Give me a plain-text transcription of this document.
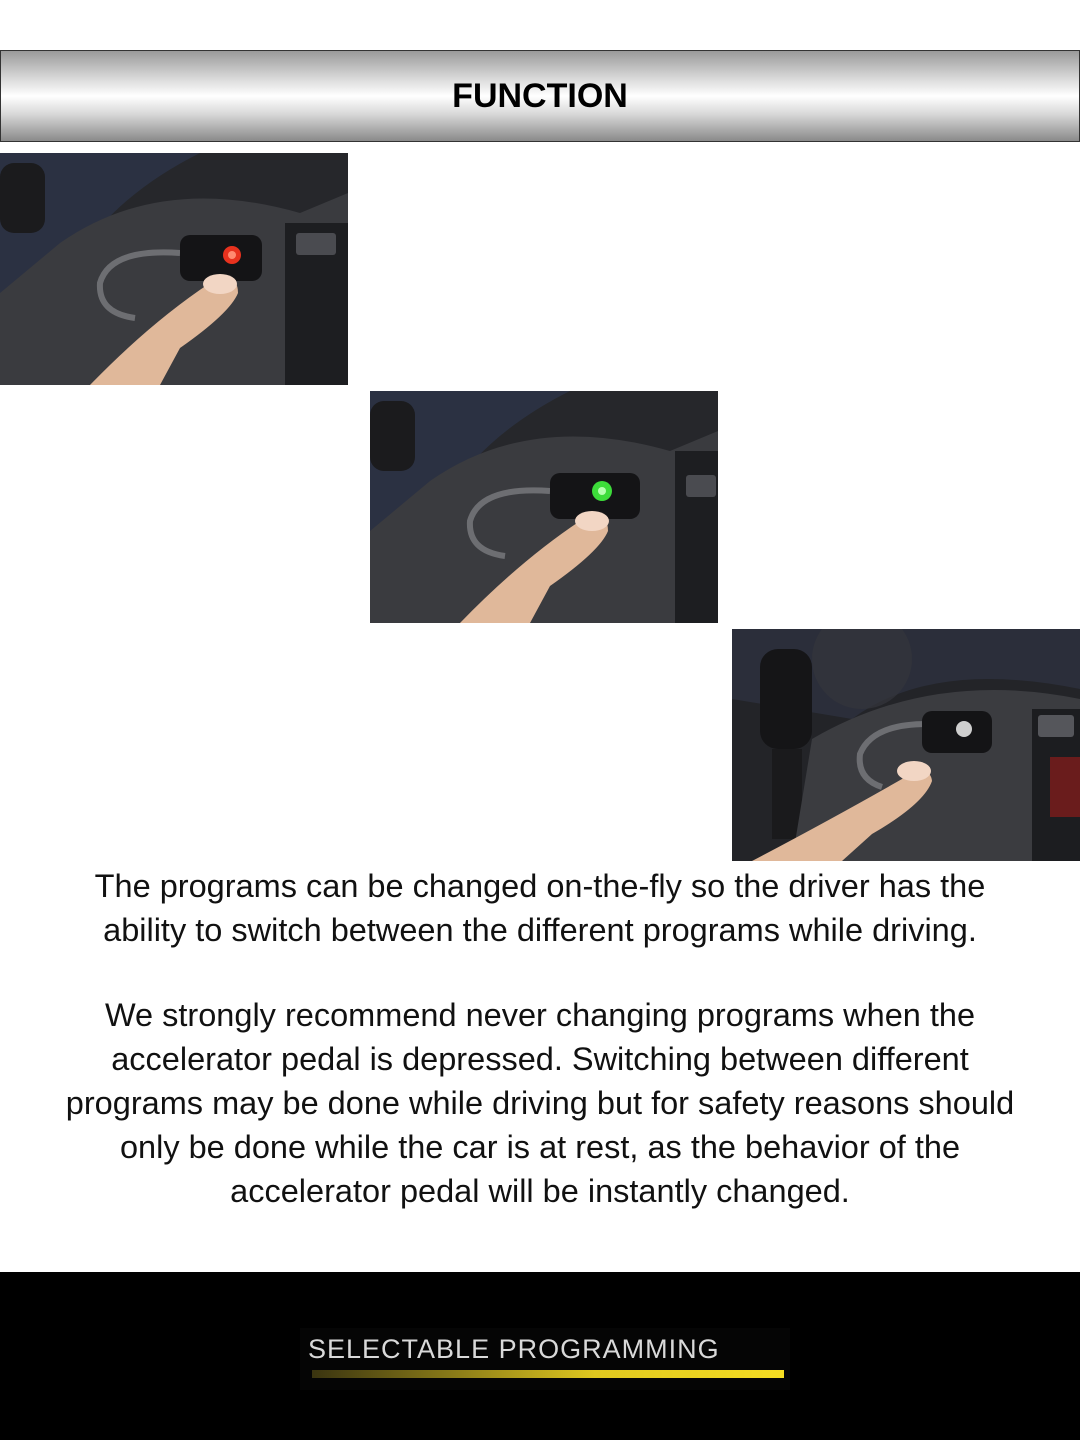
FUNCTION
The programs can be changed on-the-fly so the driver has the
ability to switch between the different programs while driving.
We strongly recommend never changing programs when the
accelerator pedal is depressed. Switching between different
programs may be done while driving but for safety reasons should
only be done while the car is at rest, as the behavior of the
accelerator pedal will be instantly changed.
SELECTABLE PROGRAMMING
